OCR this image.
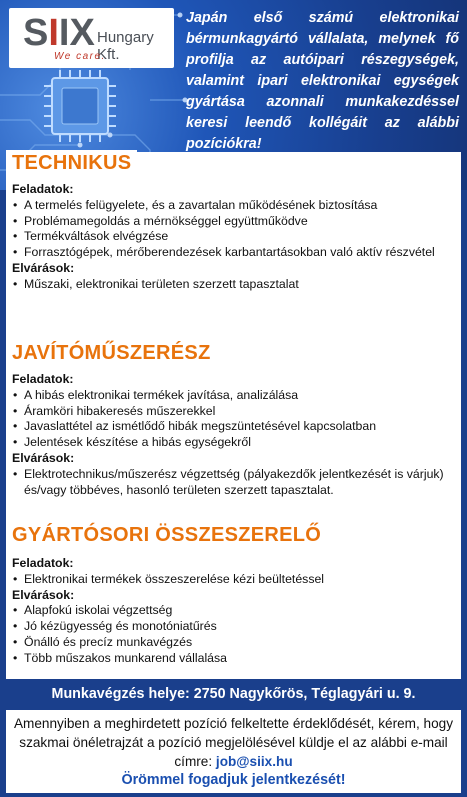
SIIX Hungary Kft.
We care.
Japán első számú elektronikai bérmunkagyártó vállalata, melynek fő profilja az autóipari részegységek, valamint ipari elektronikai egységek gyártása azonnali munkakezdéssel keresi leendő kollégáit az alábbi pozíciókra!
TECHNIKUS
Feladatok:
• A termelés felügyelete, és a zavartalan működésének biztosítása
• Problémamegoldás a mérnökséggel együttműködve
• Termékváltások elvégzése
• Forrasztógépek, mérőberendezések karbantartásokban való aktív részvétel
Elvárások:
• Műszaki, elektronikai területen szerzett tapasztalat
JAVÍTÓMŰSZERÉSZ
Feladatok:
• A hibás elektronikai termékek javítása, analizálása
• Áramköri hibakeresés műszerekkel
• Javaslattétel az ismétlődő hibák megszüntetésével kapcsolatban
• Jelentések készítése a hibás egységekről
Elvárások:
• Elektrotechnikus/műszerész végzettség (pályakezdők jelentkezését is várjuk) és/vagy többéves, hasonló területen szerzett tapasztalat.
GYÁRTÓSORI ÖSSZESZERELŐ
Feladatok:
• Elektronikai termékek összeszerelése kézi beültetéssel
Elvárások:
• Alapfokú iskolai végzettség
• Jó kézügyesség és monotóniatűrés
• Önálló és precíz munkavégzés
• Több műszakos munkarend vállalása
Munkavégzés helye: 2750 Nagykőrös, Téglagyári u. 9.

Amennyiben a meghirdetett pozíció felkeltette érdeklődését, kérem, hogy szakmai önéletrajzát a pozíció megjelölésével küldje el az alábbi e-mail címre: job@siix.hu

Örömmel fogadjuk jelentkezését!
